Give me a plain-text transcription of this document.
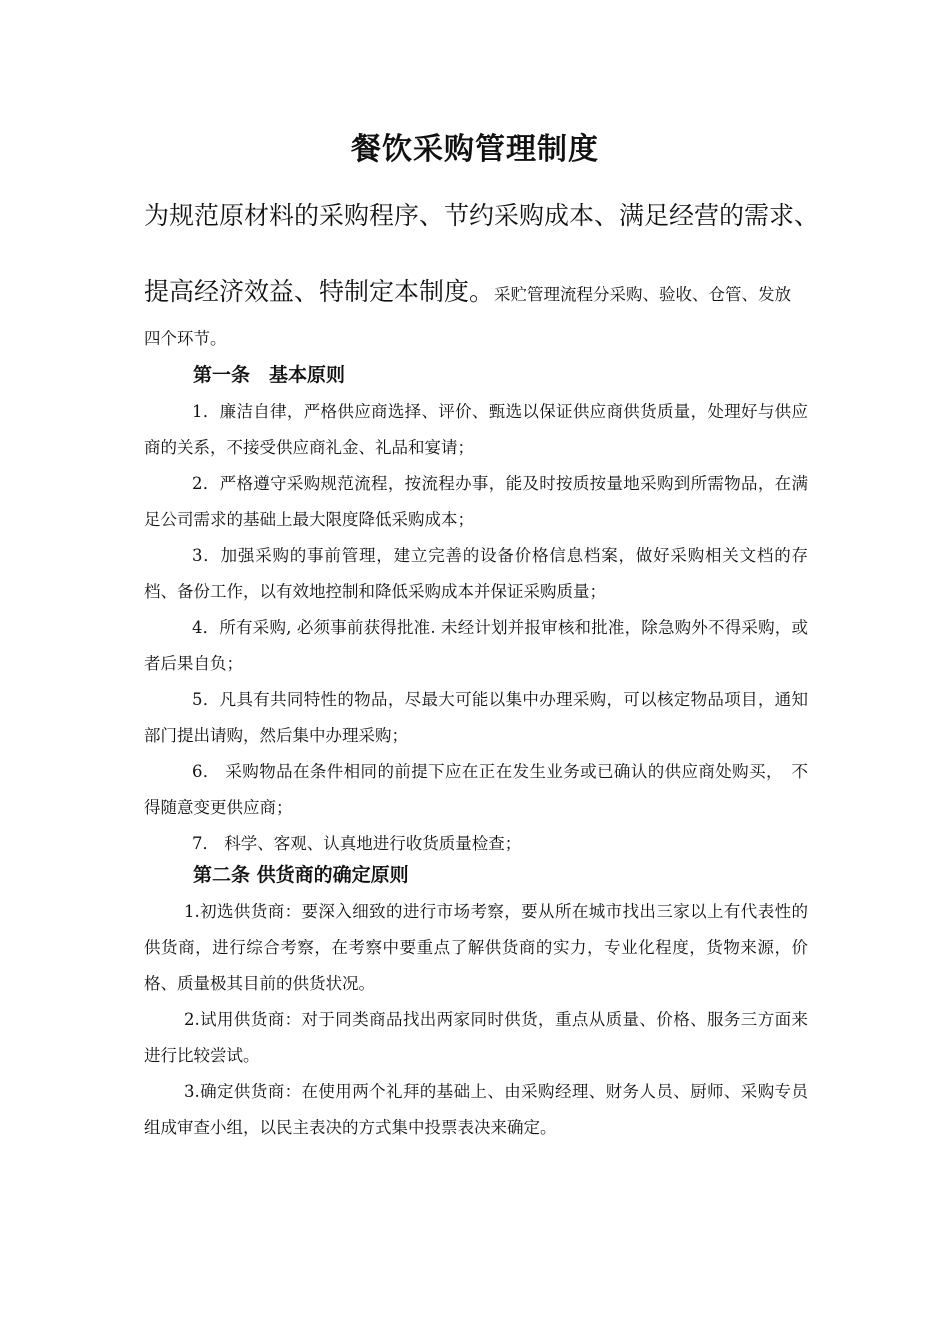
餐饮采购管理制度
为规范原材料的采购程序、节约采购成本、满足经营的需求、
提高经济效益、特制定本制度。采贮管理流程分采购、验收、仓管、发放
四个环节。
第一条　基本原则

1．廉洁自律，严格供应商选择、评价、甄选以保证供应商供货质量，处理好与供应商的关系，不接受供应商礼金、礼品和宴请；

2．严格遵守采购规范流程，按流程办事，能及时按质按量地采购到所需物品，在满足公司需求的基础上最大限度降低采购成本；

3．加强采购的事前管理，建立完善的设备价格信息档案，做好采购相关文档的存档、备份工作，以有效地控制和降低采购成本并保证采购质量；

4．所有采购, 必须事前获得批准. 未经计划并报审核和批准，除急购外不得采购，或者后果自负；

5．凡具有共同特性的物品，尽最大可能以集中办理采购，可以核定物品项目，通知部门提出请购，然后集中办理采购；

6． 采购物品在条件相同的前提下应在正在发生业务或已确认的供应商处购买，　不得随意变更供应商；

7． 科学、客观、认真地进行收货质量检查；

第二条 供货商的确定原则

1.初选供货商：要深入细致的进行市场考察，要从所在城市找出三家以上有代表性的供货商，进行综合考察，在考察中要重点了解供货商的实力，专业化程度，货物来源，价格、质量极其目前的供货状况。

2.试用供货商：对于同类商品找出两家同时供货，重点从质量、价格、服务三方面来进行比较尝试。

3.确定供货商：在使用两个礼拜的基础上、由采购经理、财务人员、厨师、采购专员组成审查小组，以民主表决的方式集中投票表决来确定。
